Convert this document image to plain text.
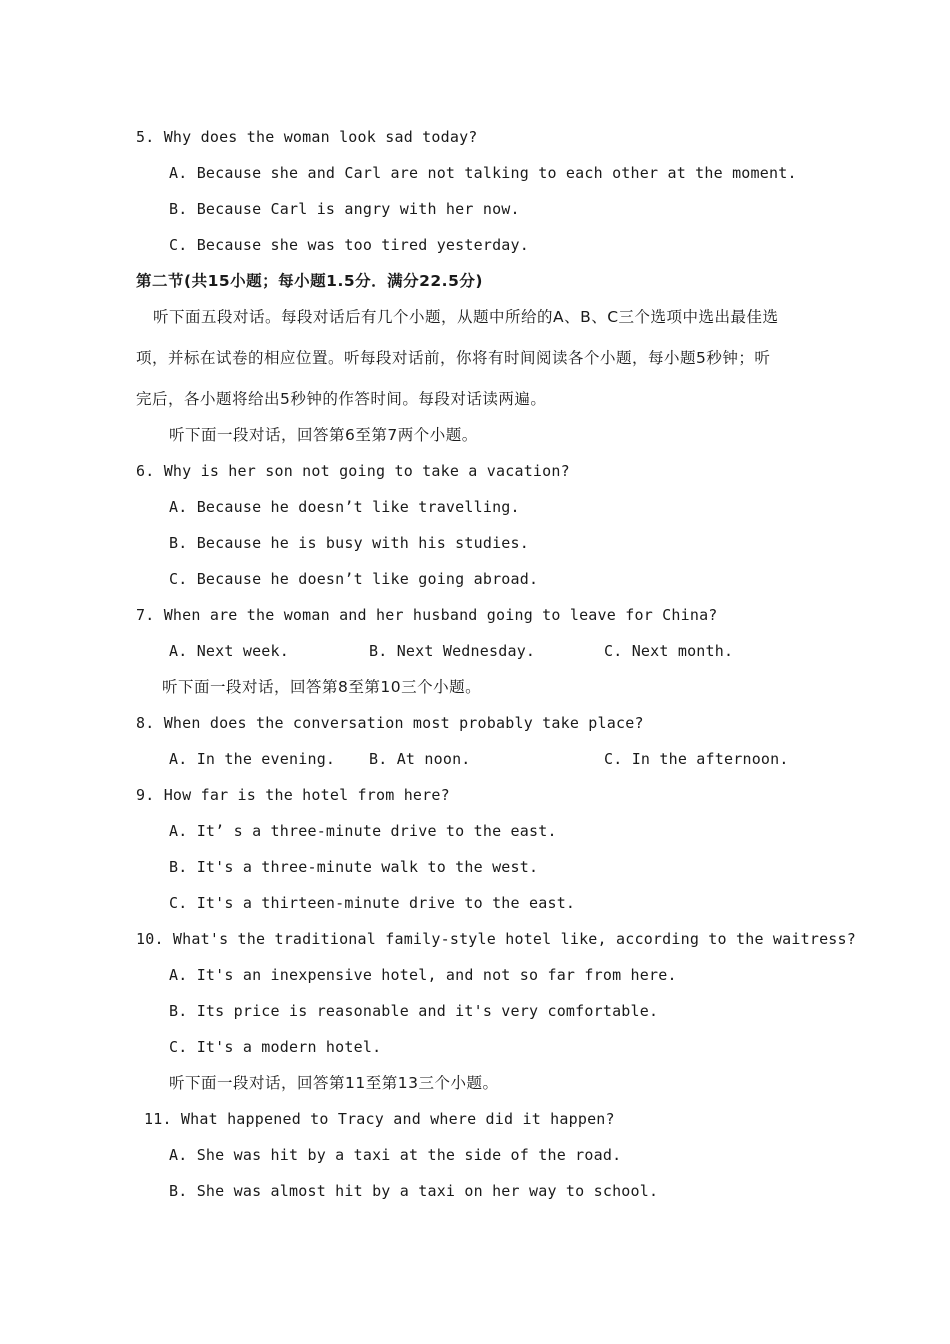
5. Why does the woman look sad today?
A. Because she and Carl are not talking to each other at the moment.
B. Because Carl is angry with her now.
C. Because she was too tired yesterday.
第二节(共15小题；每小题1.5分．满分22.5分)
听下面五段对话。每段对话后有几个小题，从题中所给的A、B、C三个选项中选出最佳选
项，并标在试卷的相应位置。听每段对话前，你将有时间阅读各个小题，每小题5秒钟；听
完后，各小题将给出5秒钟的作答时间。每段对话读两遍。
听下面一段对话，回答第6至第7两个小题。
6. Why is her son not going to take a vacation?
A. Because he doesn’t like travelling.
B. Because he is busy with his studies.
C. Because he doesn’t like going abroad.
7. When are the woman and her husband going to leave for China?
A. Next week.	B. Next Wednesday.	C. Next month.
听下面一段对话，回答第8至第10三个小题。
8. When does the conversation most probably take place?
A. In the evening. B. At noon.	C. In the afternoon.
9. How far is the hotel from here?
A. It’ s a three-minute drive to the east.
B. It's a three-minute walk to the west.
C. It's a thirteen-minute drive to the east.
10. What's the traditional family-style hotel like, according to the waitress?
A. It's an inexpensive hotel, and not so far from here.
B. Its price is reasonable and it's very comfortable.
C. It's a modern hotel.
听下面一段对话，回答第11至第13三个小题。
11. What happened to Tracy and where did it happen?
A. She was hit by a taxi at the side of the road.
B. She was almost hit by a taxi on her way to school.
